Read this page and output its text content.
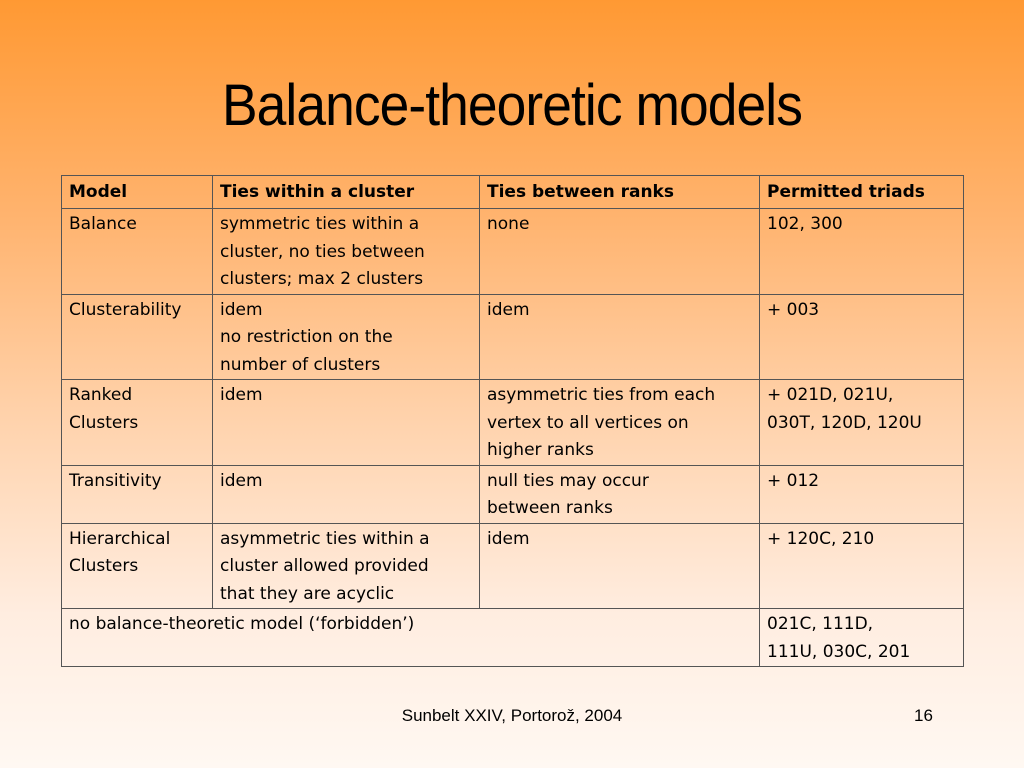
Balance-theoretic models
Model	Ties within a cluster	Ties between ranks	Permitted triads

Balance	symmetric ties within a
cluster, no ties between
clusters; max 2 clusters	none	102, 300

Clusterability	idem
no restriction on the
number of clusters	idem	+ 003

Ranked
Clusters	idem	asymmetric ties from each
vertex to all vertices on
higher ranks	+ 021D, 021U,
030T, 120D, 120U

Transitivity	idem	null ties may occur
between ranks	+ 012

Hierarchical
Clusters	asymmetric ties within a
cluster allowed provided
that they are acyclic	idem	+ 120C, 210

no balance-theoretic model (‘forbidden’)			021C, 111D,
111U, 030C, 201
Sunbelt XXIV, Portorož, 2004	16
